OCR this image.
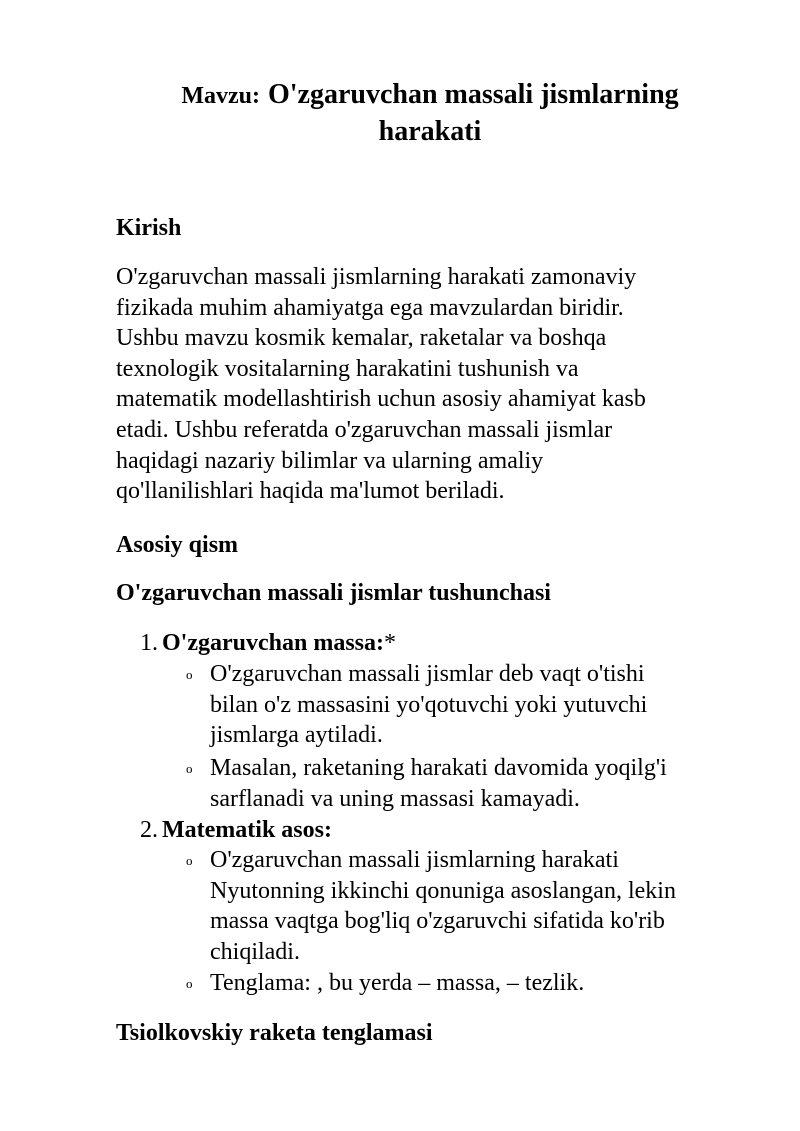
Mavzu: O'zgaruvchan massali jismlarning
harakati
Kirish
O'zgaruvchan massali jismlarning harakati zamonaviy
fizikada muhim ahamiyatga ega mavzulardan biridir.
Ushbu mavzu kosmik kemalar, raketalar va boshqa
texnologik vositalarning harakatini tushunish va
matematik modellashtirish uchun asosiy ahamiyat kasb
etadi. Ushbu referatda o'zgaruvchan massali jismlar
haqidagi nazariy bilimlar va ularning amaliy
qo'llanilishlari haqida ma'lumot beriladi.
Asosiy qism
O'zgaruvchan massali jismlar tushunchasi
1. O'zgaruvchan massa:*
o O'zgaruvchan massali jismlar deb vaqt o'tishi
bilan o'z massasini yo'qotuvchi yoki yutuvchi
jismlarga aytiladi.
o Masalan, raketaning harakati davomida yoqilg'i
sarflanadi va uning massasi kamayadi.
2. Matematik asos:
o O'zgaruvchan massali jismlarning harakati
Nyutonning ikkinchi qonuniga asoslangan, lekin
massa vaqtga bog'liq o'zgaruvchi sifatida ko'rib
chiqiladi.
o Tenglama: , bu yerda – massa, – tezlik.
Tsiolkovskiy raketa tenglamasi
